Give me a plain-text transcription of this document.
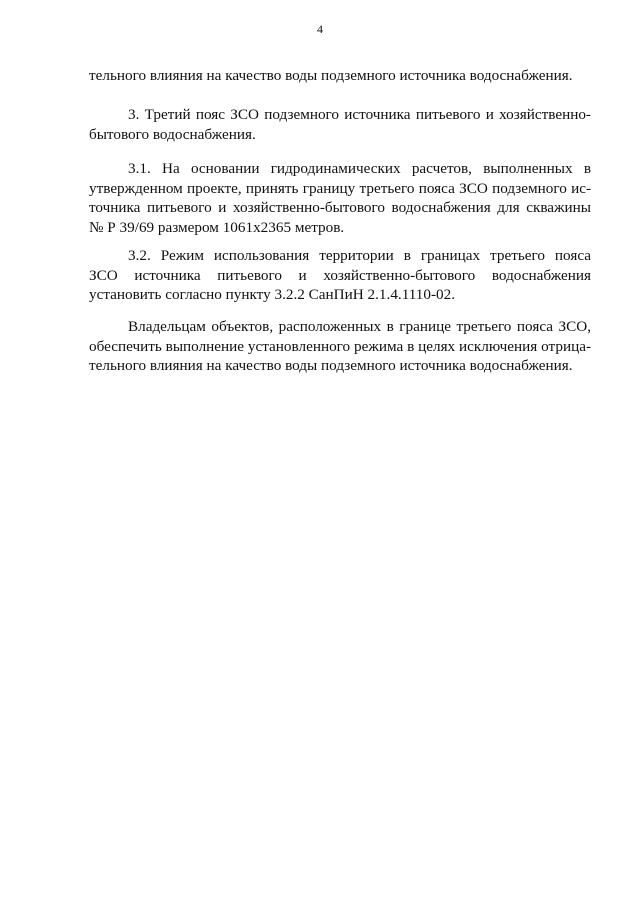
4
тельного влияния на качество воды подземного источника водоснабжения.
3. Третий пояс ЗСО подземного источника питьевого и хозяйственно-
бытового водоснабжения.
3.1. На основании гидродинамических расчетов, выполненных в
утвержденном проекте, принять границу третьего пояса ЗСО подземного ис-
точника питьевого и хозяйственно-бытового водоснабжения для скважины
№ Р 39/69 размером 1061х2365 метров.
3.2. Режим использования территории в границах третьего пояса
ЗСО источника питьевого и хозяйственно-бытового водоснабжения
установить согласно пункту 3.2.2 СанПиН 2.1.4.1110-02.
Владельцам объектов, расположенных в границе третьего пояса ЗСО,
обеспечить выполнение установленного режима в целях исключения отрица-
тельного влияния на качество воды подземного источника водоснабжения.
